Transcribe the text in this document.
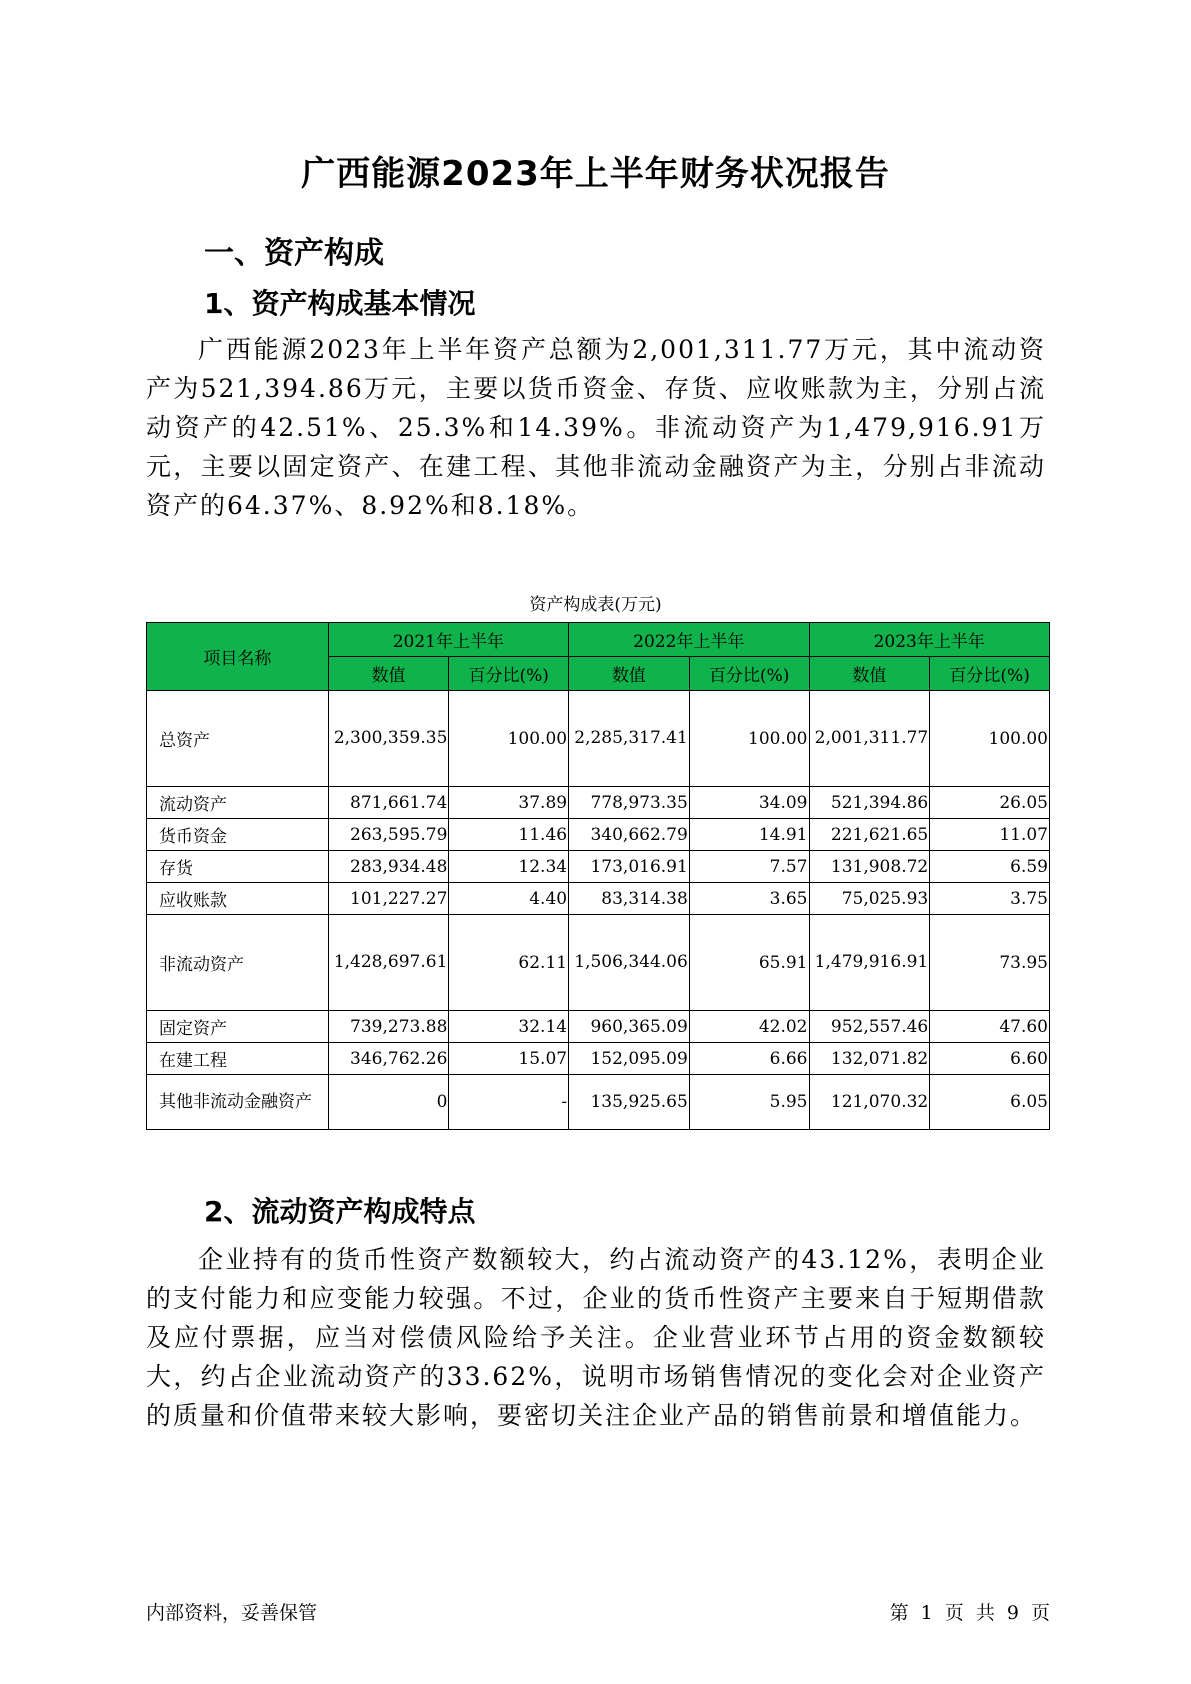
广西能源2023年上半年财务状况报告
一、资产构成
1、资产构成基本情况

广西能源2023年上半年资产总额为2,001,311.77万元，其中流动资产为521,394.86万元，主要以货币资金、存货、应收账款为主，分别占流动资产的42.51%、25.3%和14.39%。非流动资产为1,479,916.91万元，主要以固定资产、在建工程、其他非流动金融资产为主，分别占非流动资产的64.37%、8.92%和8.18%。

资产构成表(万元)
项目名称	2021年上半年		2022年上半年		2023年上半年	
	数值	百分比(%)	数值	百分比(%)	数值	百分比(%)
总资产	2,300,359.35	100.00	2,285,317.41	100.00	2,001,311.77	100.00
流动资产	871,661.74	37.89	778,973.35	34.09	521,394.86	26.05
货币资金	263,595.79	11.46	340,662.79	14.91	221,621.65	11.07
存货	283,934.48	12.34	173,016.91	7.57	131,908.72	6.59
应收账款	101,227.27	4.40	83,314.38	3.65	75,025.93	3.75
非流动资产	1,428,697.61	62.11	1,506,344.06	65.91	1,479,916.91	73.95
固定资产	739,273.88	32.14	960,365.09	42.02	952,557.46	47.60
在建工程	346,762.26	15.07	152,095.09	6.66	132,071.82	6.60

其他非流动金融资产	0	-	135,925.65	5.95	121,070.32	6.05
2、流动资产构成特点

企业持有的货币性资产数额较大，约占流动资产的43.12%，表明企业的支付能力和应变能力较强。不过，企业的货币性资产主要来自于短期借款及应付票据，应当对偿债风险给予关注。企业营业环节占用的资金数额较大，约占企业流动资产的33.62%，说明市场销售情况的变化会对企业资产的质量和价值带来较大影响，要密切关注企业产品的销售前景和增值能力。

内部资料，妥善保管	第 1 页 共 9 页
